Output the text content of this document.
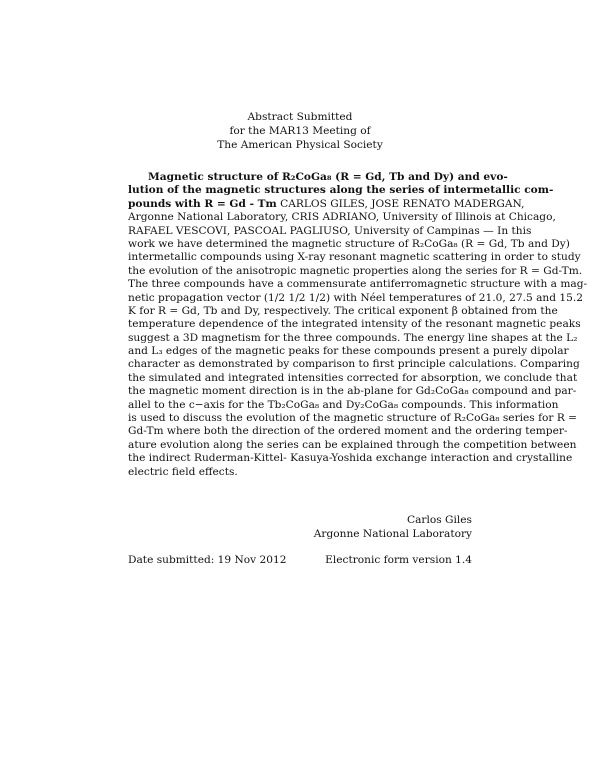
Abstract Submitted
for the MAR13 Meeting of
The American Physical Society
Magnetic structure of R₂CoGa₈ (R = Gd, Tb and Dy) and evo-
lution of the magnetic structures along the series of intermetallic com-
pounds with R = Gd - Tm CARLOS GILES, JOSE RENATO MADERGAN,
Argonne National Laboratory, CRIS ADRIANO, University of Illinois at Chicago,
RAFAEL VESCOVI, PASCOAL PAGLIUSO, University of Campinas — In this
work we have determined the magnetic structure of R₂CoGa₈ (R = Gd, Tb and Dy)
intermetallic compounds using X-ray resonant magnetic scattering in order to study
the evolution of the anisotropic magnetic properties along the series for R = Gd-Tm.
The three compounds have a commensurate antiferromagnetic structure with a mag-
netic propagation vector (1/2 1/2 1/2) with Néel temperatures of 21.0, 27.5 and 15.2
K for R = Gd, Tb and Dy, respectively. The critical exponent β obtained from the
temperature dependence of the integrated intensity of the resonant magnetic peaks
suggest a 3D magnetism for the three compounds. The energy line shapes at the L₂
and L₃ edges of the magnetic peaks for these compounds present a purely dipolar
character as demonstrated by comparison to first principle calculations. Comparing
the simulated and integrated intensities corrected for absorption, we conclude that
the magnetic moment direction is in the ab-plane for Gd₂CoGa₈ compound and par-
allel to the c−axis for the Tb₂CoGa₈ and Dy₂CoGa₈ compounds. This information
is used to discuss the evolution of the magnetic structure of R₂CoGa₈ series for R =
Gd-Tm where both the direction of the ordered moment and the ordering temper-
ature evolution along the series can be explained through the competition between
the indirect Ruderman-Kittel- Kasuya-Yoshida exchange interaction and crystalline
electric field effects.
Carlos Giles
Argonne National Laboratory
Date submitted: 19 Nov 2012	Electronic form version 1.4
